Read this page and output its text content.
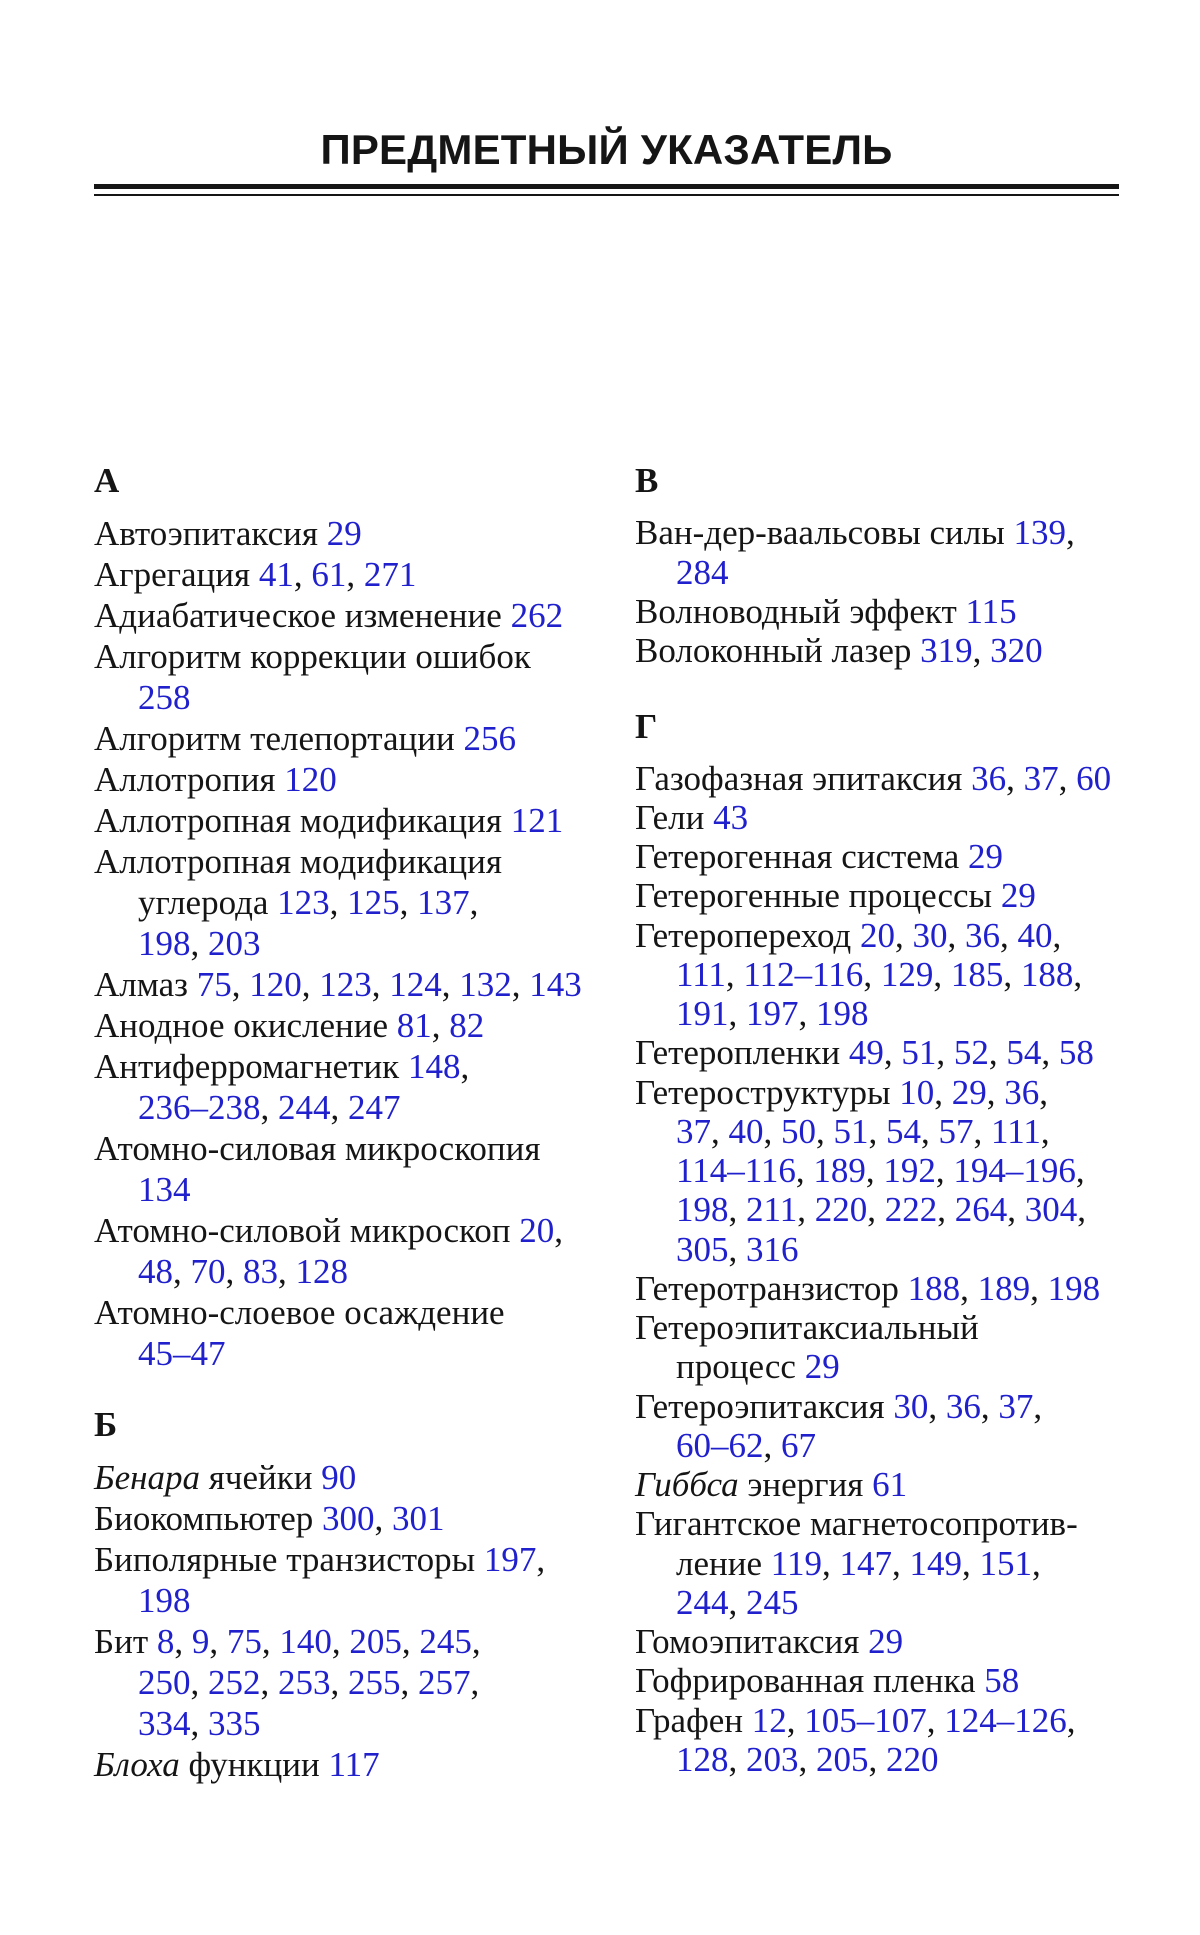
ПРЕДМЕТНЫЙ УКАЗАТЕЛЬ
А
Автоэпитаксия 29
Агрегация 41, 61, 271
Адиабатическое изменение 262
Алгоритм коррекции ошибок
258
Алгоритм телепортации 256
Аллотропия 120
Аллотропная модификация 121
Аллотропная модификация
углерода 123, 125, 137,
198, 203
Алмаз 75, 120, 123, 124, 132, 143
Анодное окисление 81, 82
Антиферромагнетик 148,
236–238, 244, 247
Атомно-силовая микроскопия
134
Атомно-силовой микроскоп 20,
48, 70, 83, 128
Атомно-слоевое осаждение
45–47
Б
Бенара ячейки 90
Биокомпьютер 300, 301
Биполярные транзисторы 197,
198
Бит 8, 9, 75, 140, 205, 245,
250, 252, 253, 255, 257,
334, 335
Блоха функции 117
В
Ван-дер-ваальсовы силы 139,
284
Волноводный эффект 115
Волоконный лазер 319, 320
Г
Газофазная эпитаксия 36, 37, 60
Гели 43
Гетерогенная система 29
Гетерогенные процессы 29
Гетеропереход 20, 30, 36, 40,
111, 112–116, 129, 185, 188,
191, 197, 198
Гетеропленки 49, 51, 52, 54, 58
Гетероструктуры 10, 29, 36,
37, 40, 50, 51, 54, 57, 111,
114–116, 189, 192, 194–196,
198, 211, 220, 222, 264, 304,
305, 316
Гетеротранзистор 188, 189, 198
Гетероэпитаксиальный
процесс 29
Гетероэпитаксия 30, 36, 37,
60–62, 67
Гиббса энергия 61
Гигантское магнетосопротив-
ление 119, 147, 149, 151,
244, 245
Гомоэпитаксия 29
Гофрированная пленка 58
Графен 12, 105–107, 124–126,
128, 203, 205, 220
